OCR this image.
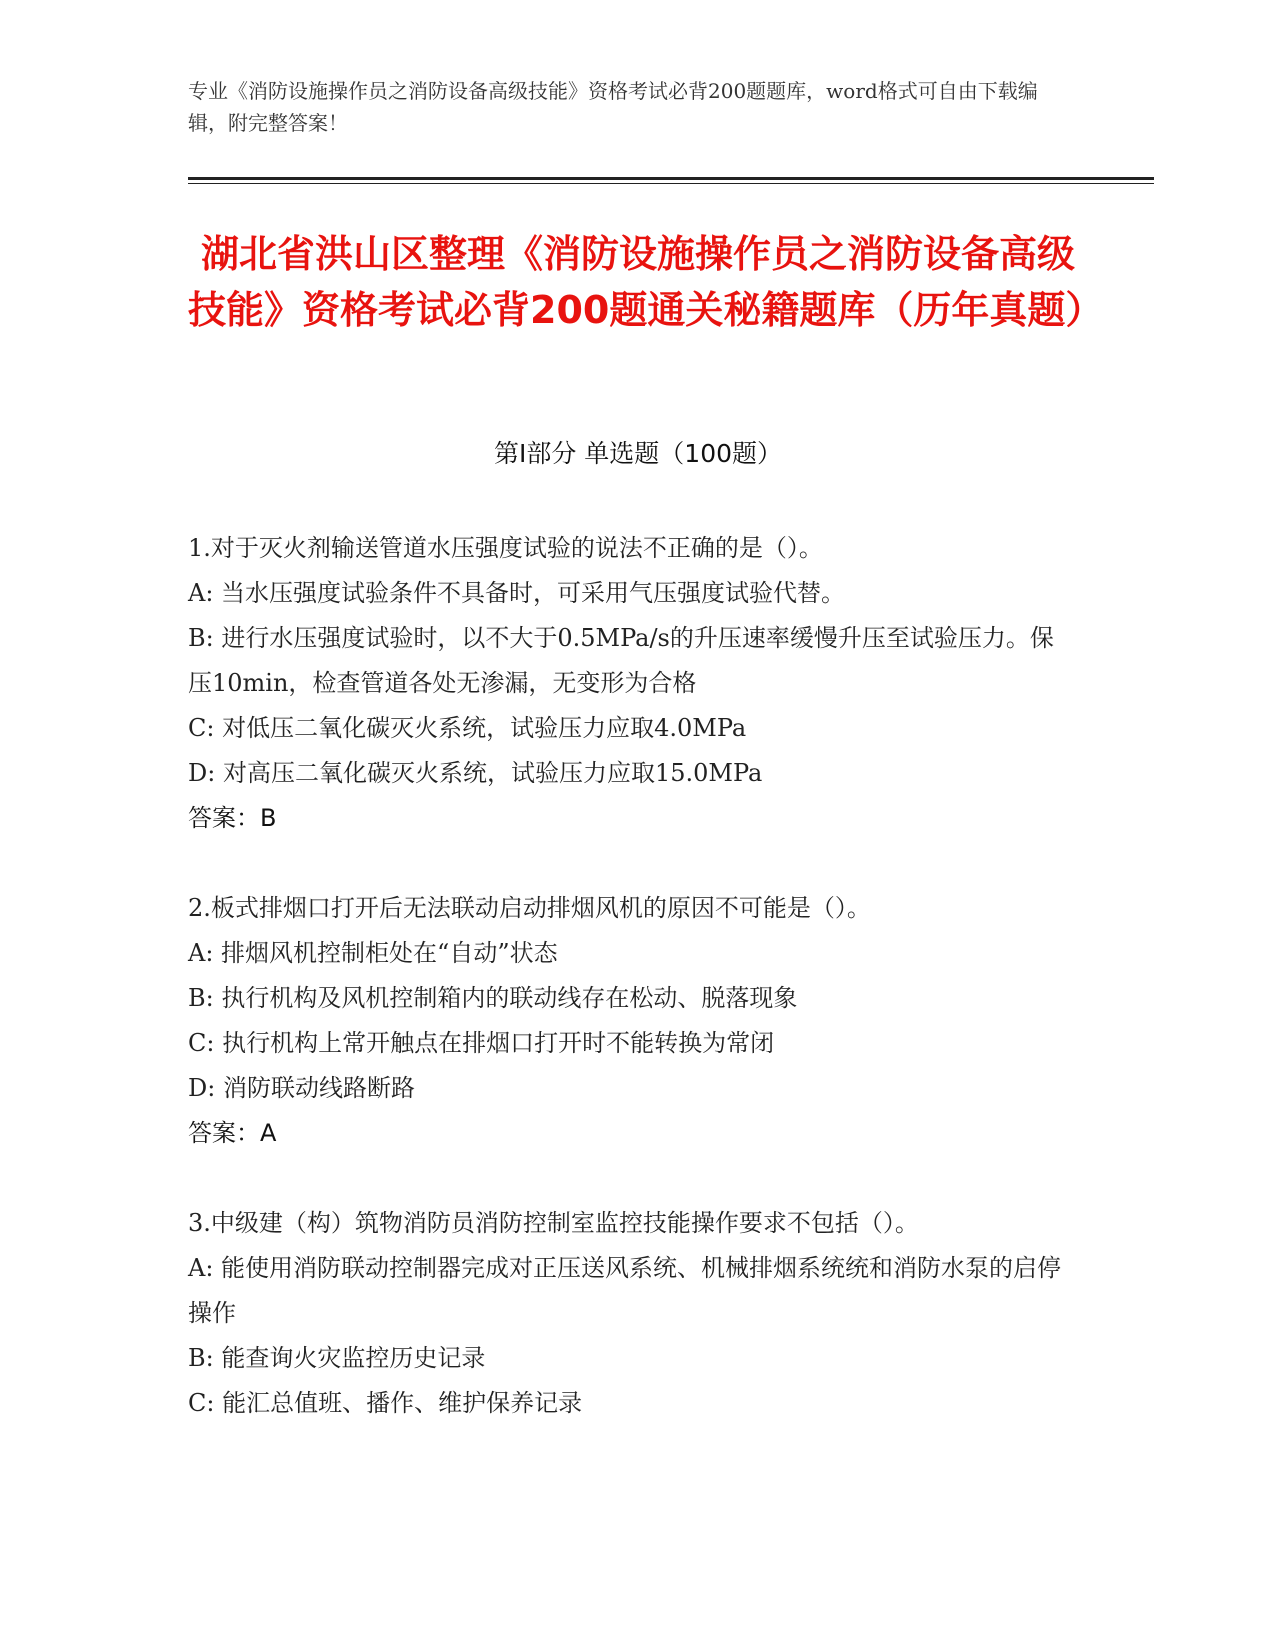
专业《消防设施操作员之消防设备高级技能》资格考试必背200题题库，word格式可自由下载编辑，附完整答案！
湖北省洪山区整理《消防设施操作员之消防设备高级技能》资格考试必背200题通关秘籍题库（历年真题）
第Ⅰ部分 单选题（100题）
1.对于灭火剂输送管道水压强度试验的说法不正确的是（）。
A: 当水压强度试验条件不具备时，可采用气压强度试验代替。
B: 进行水压强度试验时，以不大于0.5MPa/s的升压速率缓慢升压至试验压力。保压10min，检查管道各处无渗漏，无变形为合格
C: 对低压二氧化碳灭火系统，试验压力应取4.0MPa
D: 对高压二氧化碳灭火系统，试验压力应取15.0MPa
答案：B
2.板式排烟口打开后无法联动启动排烟风机的原因不可能是（）。
A: 排烟风机控制柜处在“自动”状态
B: 执行机构及风机控制箱内的联动线存在松动、脱落现象
C: 执行机构上常开触点在排烟口打开时不能转换为常闭
D: 消防联动线路断路
答案：A
3.中级建（构）筑物消防员消防控制室监控技能操作要求不包括（）。
A: 能使用消防联动控制器完成对正压送风系统、机械排烟系统统和消防水泵的启停操作
B: 能查询火灾监控历史记录
C: 能汇总值班、播作、维护保养记录
